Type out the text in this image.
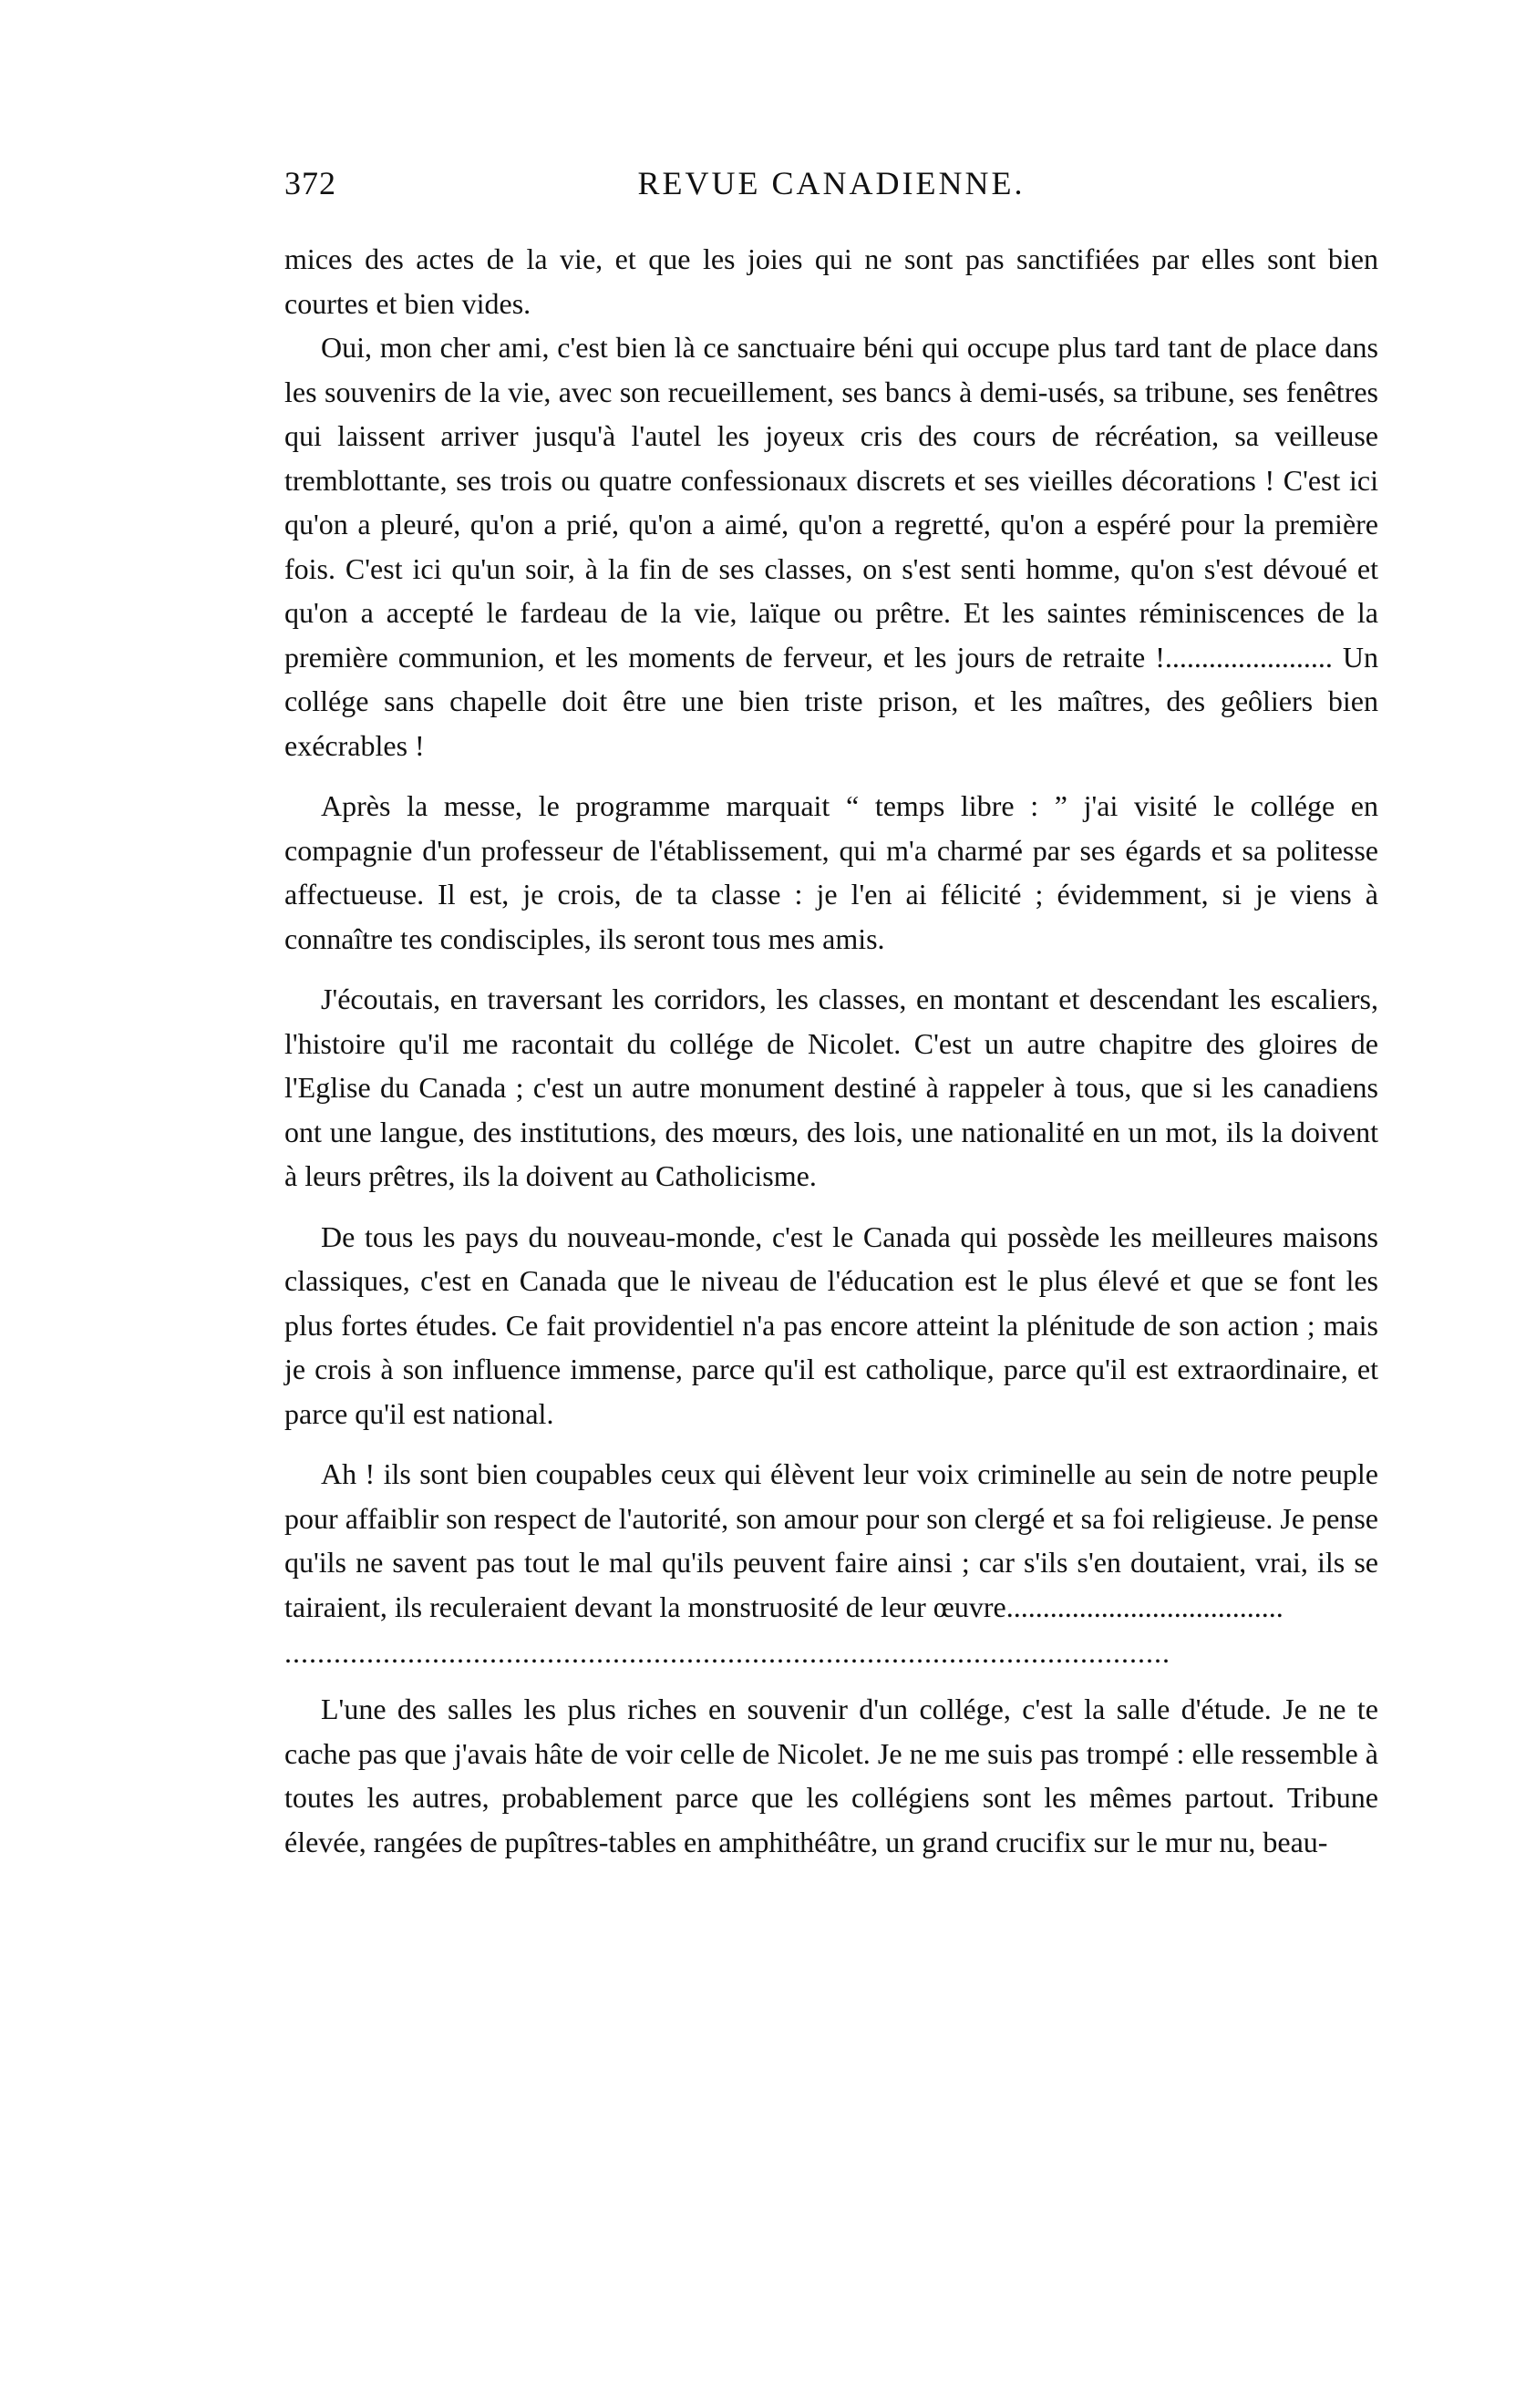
372	REVUE CANADIENNE.

mices des actes de la vie, et que les joies qui ne sont pas sanctifiées par elles sont bien courtes et bien vides.

Oui, mon cher ami, c'est bien là ce sanctuaire béni qui occupe plus tard tant de place dans les souvenirs de la vie, avec son recueillement, ses bancs à demi-usés, sa tribune, ses fenêtres qui laissent arriver jusqu'à l'autel les joyeux cris des cours de récréation, sa veilleuse tremblottante, ses trois ou quatre confessionaux discrets et ses vieilles décorations ! C'est ici qu'on a pleuré, qu'on a prié, qu'on a aimé, qu'on a regretté, qu'on a espéré pour la première fois. C'est ici qu'un soir, à la fin de ses classes, on s'est senti homme, qu'on s'est dévoué et qu'on a accepté le fardeau de la vie, laïque ou prêtre. Et les saintes réminiscences de la première communion, et les moments de ferveur, et les jours de retraite !....................... Un collége sans chapelle doit être une bien triste prison, et les maîtres, des geôliers bien exécrables !

Après la messe, le programme marquait “ temps libre : ” j'ai visité le collége en compagnie d'un professeur de l'établissement, qui m'a charmé par ses égards et sa politesse affectueuse. Il est, je crois, de ta classe : je l'en ai félicité ; évidemment, si je viens à connaître tes condisciples, ils seront tous mes amis.

J'écoutais, en traversant les corridors, les classes, en montant et descendant les escaliers, l'histoire qu'il me racontait du collége de Nicolet. C'est un autre chapitre des gloires de l'Eglise du Canada ; c'est un autre monument destiné à rappeler à tous, que si les canadiens ont une langue, des institutions, des mœurs, des lois, une nationalité en un mot, ils la doivent à leurs prêtres, ils la doivent au Catholicisme.

De tous les pays du nouveau-monde, c'est le Canada qui possède les meilleures maisons classiques, c'est en Canada que le niveau de l'éducation est le plus élevé et que se font les plus fortes études. Ce fait providentiel n'a pas encore atteint la plénitude de son action ; mais je crois à son influence immense, parce qu'il est catholique, parce qu'il est extraordinaire, et parce qu'il est national.

Ah ! ils sont bien coupables ceux qui élèvent leur voix criminelle au sein de notre peuple pour affaiblir son respect de l'autorité, son amour pour son clergé et sa foi religieuse. Je pense qu'ils ne savent pas tout le mal qu'ils peuvent faire ainsi ; car s'ils s'en doutaient, vrai, ils se tairaient, ils reculeraient devant la monstruosité de leur œuvre......................................

............................................................................................................

L'une des salles les plus riches en souvenir d'un collége, c'est la salle d'étude. Je ne te cache pas que j'avais hâte de voir celle de Nicolet. Je ne me suis pas trompé : elle ressemble à toutes les autres, probablement parce que les collégiens sont les mêmes partout. Tribune élevée, rangées de pupîtres-tables en amphithéâtre, un grand crucifix sur le mur nu, beau-
